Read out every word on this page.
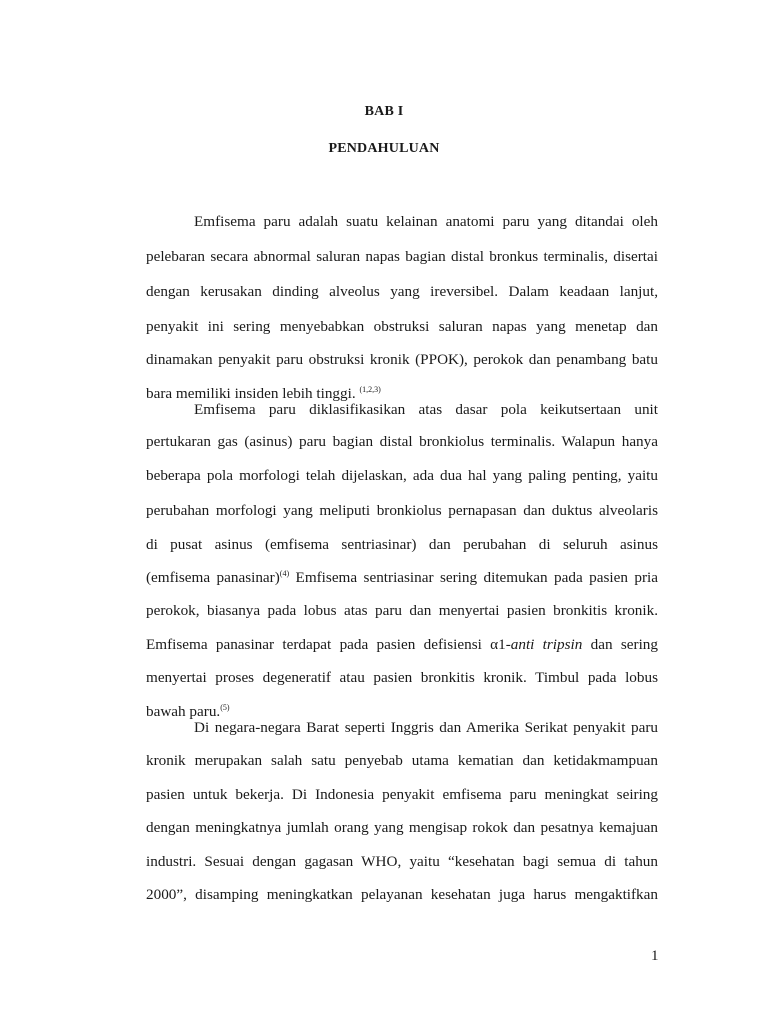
BAB I
PENDAHULUAN
Emfisema paru adalah suatu kelainan anatomi paru yang ditandai oleh
pelebaran secara abnormal saluran napas bagian distal bronkus terminalis, disertai
dengan kerusakan dinding alveolus yang ireversibel. Dalam keadaan lanjut,
penyakit ini sering menyebabkan obstruksi saluran napas yang menetap dan
dinamakan penyakit paru obstruksi kronik (PPOK), perokok dan penambang batu
bara memiliki insiden lebih tinggi. $^{(1,2,3)}$
Emfisema paru diklasifikasikan atas dasar pola keikutsertaan unit
pertukaran gas (asinus) paru bagian distal bronkiolus terminalis. Walapun hanya
beberapa pola morfologi telah dijelaskan, ada dua hal yang paling penting, yaitu
perubahan morfologi yang meliputi bronkiolus pernapasan dan duktus alveolaris
di pusat asinus (emfisema sentriasinar) dan perubahan di seluruh asinus
(emfisema panasinar)$^{(4)}$ Emfisema sentriasinar sering ditemukan pada pasien pria
perokok, biasanya pada lobus atas paru dan menyertai pasien bronkitis kronik.
Emfisema panasinar terdapat pada pasien defisiensi α1-anti tripsin dan sering
menyertai proses degeneratif atau pasien bronkitis kronik. Timbul pada lobus
bawah paru.$^{(5)}$
Di negara-negara Barat seperti Inggris dan Amerika Serikat penyakit paru
kronik merupakan salah satu penyebab utama kematian dan ketidakmampuan
pasien untuk bekerja. Di Indonesia penyakit emfisema paru meningkat seiring
dengan meningkatnya jumlah orang yang mengisap rokok dan pesatnya kemajuan
industri. Sesuai dengan gagasan WHO, yaitu “kesehatan bagi semua di tahun
2000”, disamping meningkatkan pelayanan kesehatan juga harus mengaktifkan
1
